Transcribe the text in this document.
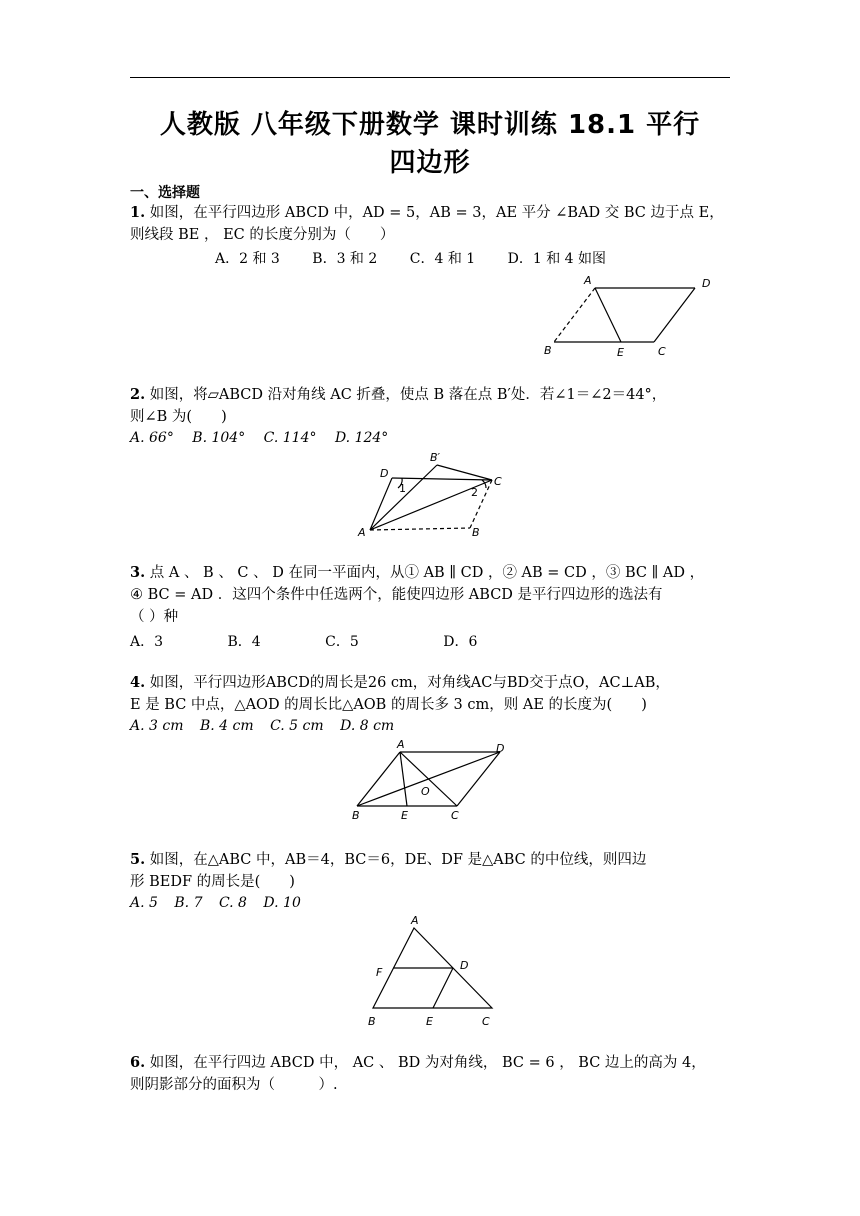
人教版 八年级下册数学 课时训练 18.1 平行
四边形
一、选择题
1. 如图，在平行四边形 ABCD 中，AD = 5，AB = 3，AE 平分 ∠BAD 交 BC 边于点 E，
则线段 BE ， EC 的长度分别为（　　）
A．2 和 3 B．3 和 2 C．4 和 1 D．1 和 4 如图
A	D
B	E	C
2. 如图，将▱ABCD 沿对角线 AC 折叠，使点 B 落在点 B′处．若∠1＝∠2＝44°，
则∠B 为(　　)
A. 66° B. 104° C. 114° D. 124°
D
B′
C
A	B
1	2
3. 点 A 、 B 、 C 、 D 在同一平面内，从① AB ∥ CD ，② AB = CD ，③ BC ∥ AD ，
④ BC = AD ．这四个条件中任选两个，能使四边形 ABCD 是平行四边形的选法有
（ ）种
A．3	B．4	C．5	D．6
4. 如图，平行四边形ABCD的周长是26 cm，对角线AC与BD交于点O，AC⊥AB，
E 是 BC 中点，△AOD 的周长比△AOB 的周长多 3 cm，则 AE 的长度为(　　)
A. 3 cm B. 4 cm C. 5 cm D. 8 cm
A	D
O
B	E	C
5. 如图，在△ABC 中，AB＝4，BC＝6，DE、DF 是△ABC 的中位线，则四边
形 BEDF 的周长是(　　)
A. 5 B. 7 C. 8 D. 10
A
F
D
B	E	C
6. 如图，在平行四边 ABCD 中， AC 、 BD 为对角线， BC = 6 ， BC 边上的高为 4，
则阴影部分的面积为（　　　）.
